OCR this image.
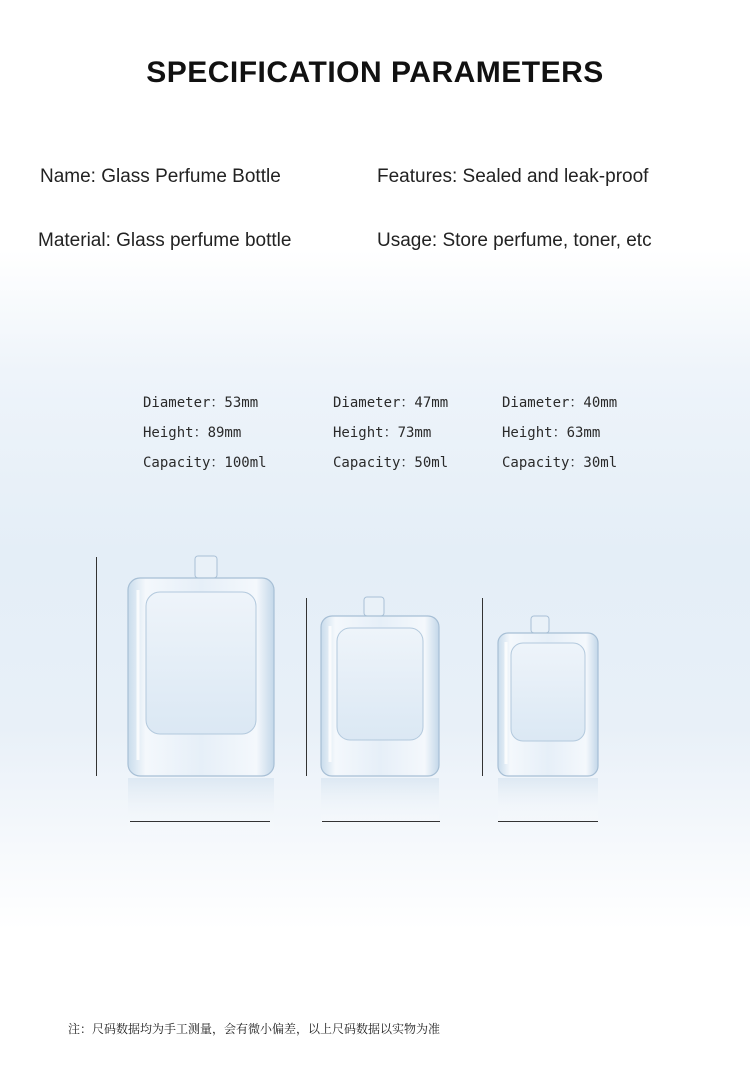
SPECIFICATION PARAMETERS
Name: Glass Perfume Bottle	Features: Sealed and leak-proof
Material: Glass perfume bottle	Usage: Store perfume, toner, etc
Diameter：53mm
Height：89mm
Capacity：100ml
Diameter：47mm
Height：73mm
Capacity：50ml
Diameter：40mm
Height：63mm
Capacity：30ml
注：尺码数据均为手工测量，会有微小偏差，以上尺码数据以实物为准
